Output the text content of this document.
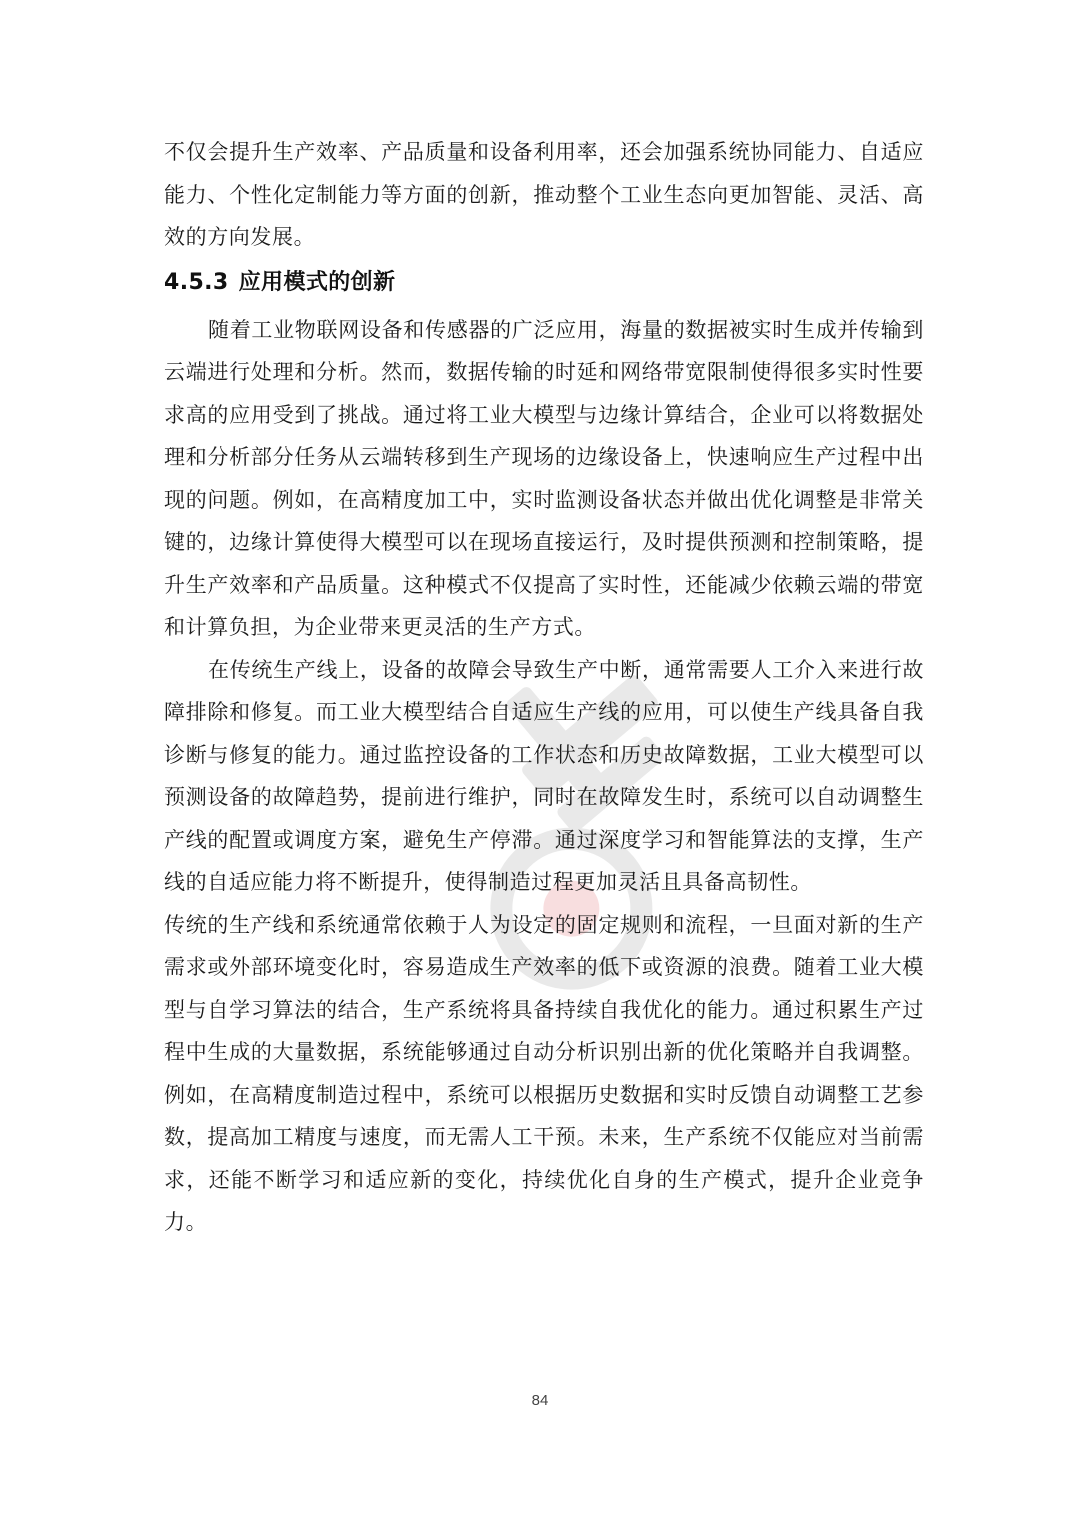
不仅会提升生产效率、产品质量和设备利用率，还会加强系统协同能力、自适应能力、个性化定制能力等方面的创新，推动整个工业生态向更加智能、灵活、高效的方向发展。

4.5.3 应用模式的创新

随着工业物联网设备和传感器的广泛应用，海量的数据被实时生成并传输到云端进行处理和分析。然而，数据传输的时延和网络带宽限制使得很多实时性要求高的应用受到了挑战。通过将工业大模型与边缘计算结合，企业可以将数据处理和分析部分任务从云端转移到生产现场的边缘设备上，快速响应生产过程中出现的问题。例如，在高精度加工中，实时监测设备状态并做出优化调整是非常关键的，边缘计算使得大模型可以在现场直接运行，及时提供预测和控制策略，提升生产效率和产品质量。这种模式不仅提高了实时性，还能减少依赖云端的带宽和计算负担，为企业带来更灵活的生产方式。

在传统生产线上，设备的故障会导致生产中断，通常需要人工介入来进行故障排除和修复。而工业大模型结合自适应生产线的应用，可以使生产线具备自我诊断与修复的能力。通过监控设备的工作状态和历史故障数据，工业大模型可以预测设备的故障趋势，提前进行维护，同时在故障发生时，系统可以自动调整生产线的配置或调度方案，避免生产停滞。通过深度学习和智能算法的支撑，生产线的自适应能力将不断提升，使得制造过程更加灵活且具备高韧性。

传统的生产线和系统通常依赖于人为设定的固定规则和流程，一旦面对新的生产需求或外部环境变化时，容易造成生产效率的低下或资源的浪费。随着工业大模型与自学习算法的结合，生产系统将具备持续自我优化的能力。通过积累生产过程中生成的大量数据，系统能够通过自动分析识别出新的优化策略并自我调整。例如，在高精度制造过程中，系统可以根据历史数据和实时反馈自动调整工艺参数，提高加工精度与速度，而无需人工干预。未来，生产系统不仅能应对当前需求，还能不断学习和适应新的变化，持续优化自身的生产模式，提升企业竞争力。

84
